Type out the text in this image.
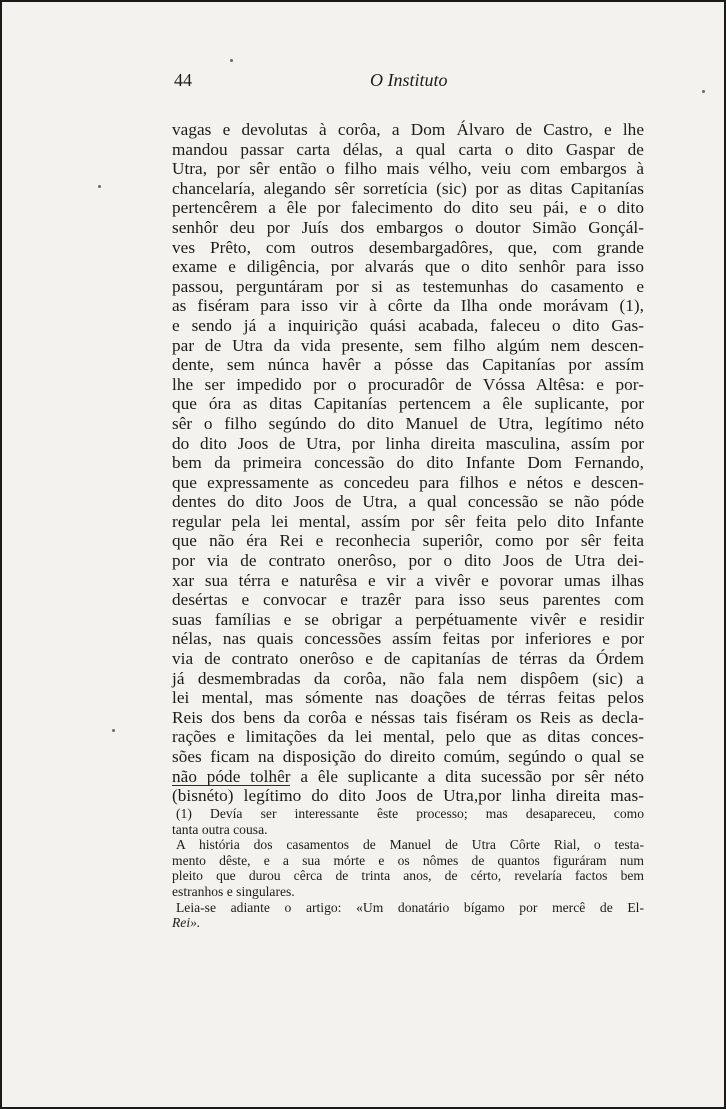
44	O Instituto
vagas e devolutas à corôa, a Dom Álvaro de Castro, e lhe
mandou passar carta délas, a qual carta o dito Gaspar de
Utra, por sêr então o filho mais vélho, veiu com embargos à
chancelaría, alegando sêr sorretícia (sic) por as ditas Capitanías
pertencêrem a êle por falecimento do dito seu pái, e o dito
senhôr deu por Juís dos embargos o doutor Simão Gonçál-
ves Prêto, com outros desembargadôres, que, com grande
exame e diligência, por alvarás que o dito senhôr para isso
passou, perguntáram por si as testemunhas do casamento e
as fiséram para isso vir à côrte da Ilha onde morávam (1),
e sendo já a inquirição quási acabada, faleceu o dito Gas-
par de Utra da vida presente, sem filho algúm nem descen-
dente, sem núnca havêr a pósse das Capitanías por assím
lhe ser impedido por o procuradôr de Vóssa Altêsa: e por-
que óra as ditas Capitanías pertencem a êle suplicante, por
sêr o filho segúndo do dito Manuel de Utra, legítimo néto
do dito Joos de Utra, por linha direita masculina, assím por
bem da primeira concessão do dito Infante Dom Fernando,
que expressamente as concedeu para filhos e nétos e descen-
dentes do dito Joos de Utra, a qual concessão se não póde
regular pela lei mental, assím por sêr feita pelo dito Infante
que não éra Rei e reconhecia superiôr, como por sêr feita
por via de contrato onerôso, por o dito Joos de Utra dei-
xar sua térra e naturêsa e vir a vivêr e povorar umas ilhas
desértas e convocar e trazêr para isso seus parentes com
suas famílias e se obrigar a perpétuamente vivêr e residir
nélas, nas quais concessões assím feitas por inferiores e por
via de contrato onerôso e de capitanías de térras da Órdem
já desmembradas da corôa, não fala nem dispôem (sic) a
lei mental, mas sómente nas doações de térras feitas pelos
Reis dos bens da corôa e néssas tais fiséram os Reis as decla-
rações e limitações da lei mental, pelo que as ditas conces-
sões ficam na disposição do direito comúm, segúndo o qual se
não póde tolhêr a êle suplicante a dita sucessão por sêr néto
(bisnéto) legítimo do dito Joos de Utra,por linha direita mas-
(1) Devía ser interessante êste processo; mas desapareceu, como
tanta outra cousa.
A história dos casamentos de Manuel de Utra Côrte Rial, o testa-
mento dêste, e a sua mórte e os nômes de quantos figuráram num
pleito que durou cêrca de trinta anos, de cérto, revelaría factos bem
estranhos e singulares.
Leia-se adiante o artigo: «Um donatário bígamo por mercê de El-
Rei».
